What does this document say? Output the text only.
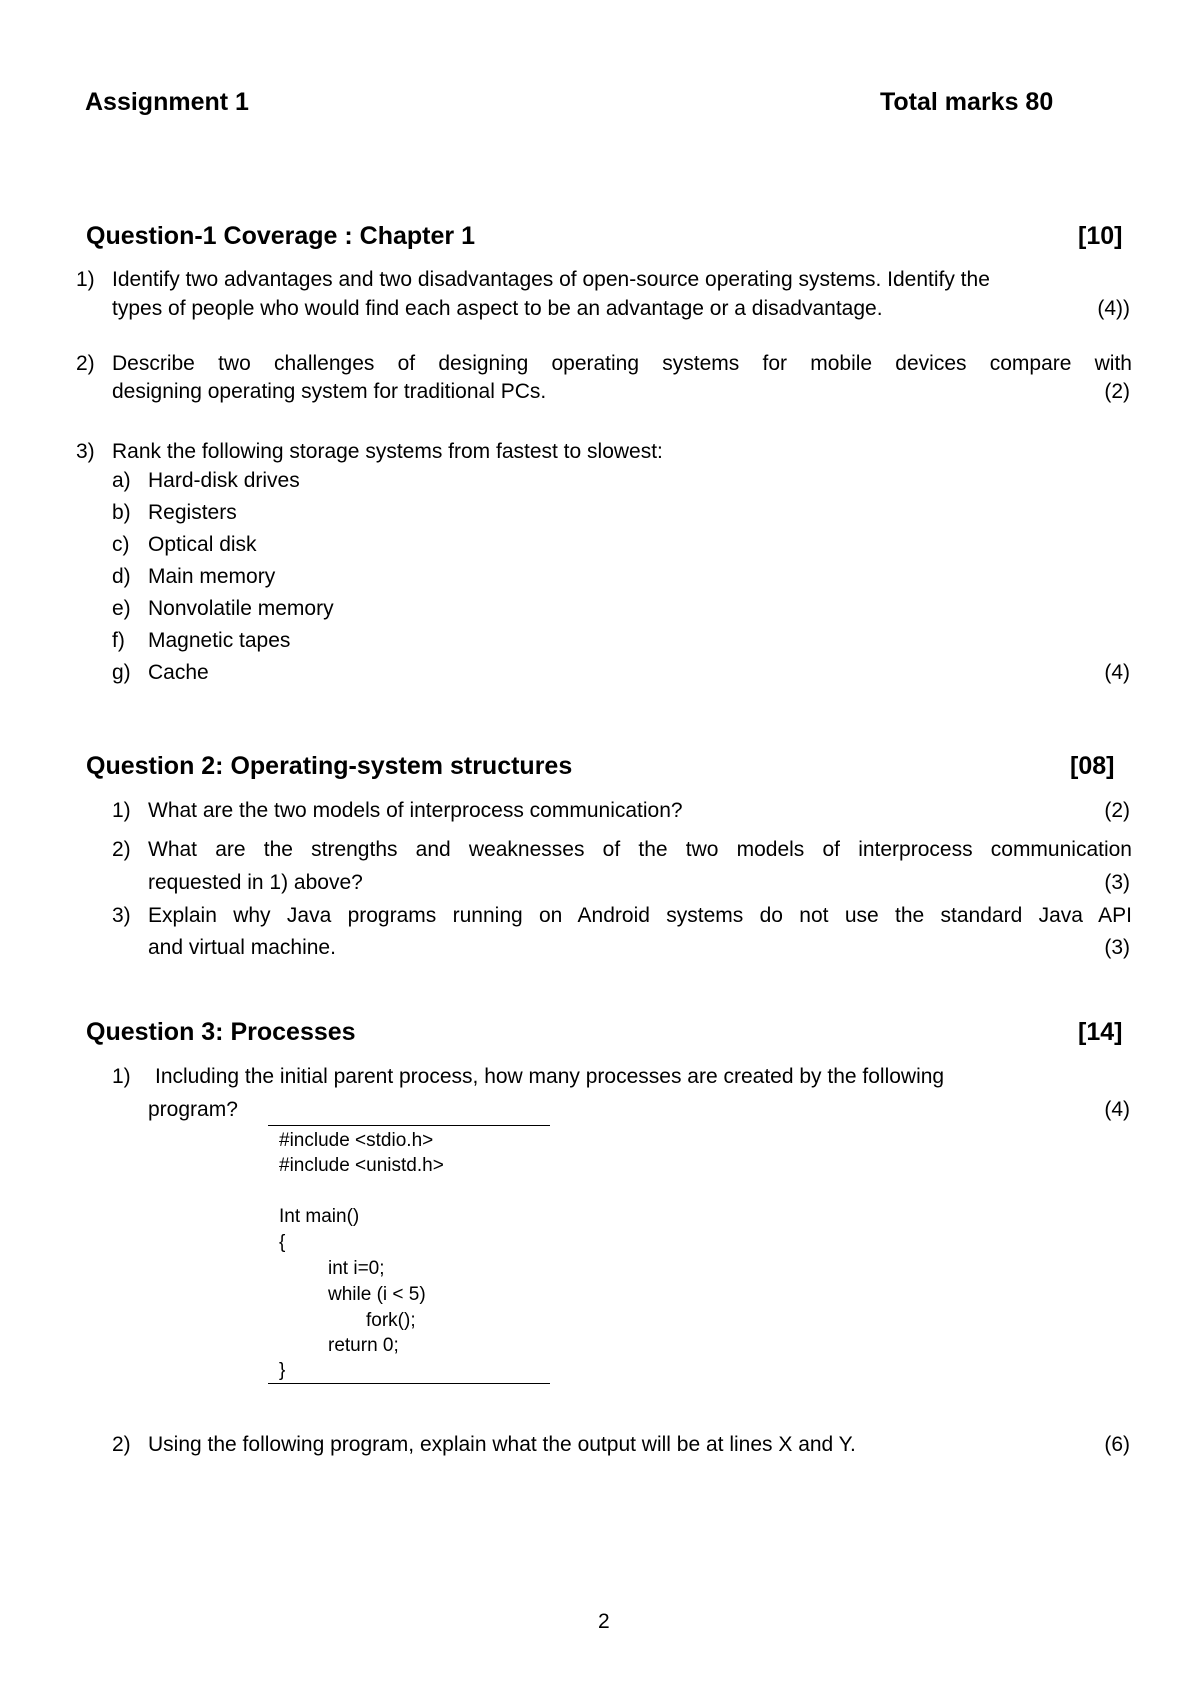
Assignment 1	Total marks 80
Question-1 Coverage : Chapter 1	[10]
1) Identify two advantages and two disadvantages of open-source operating systems. Identify the
types of people who would find each aspect to be an advantage or a disadvantage.	(4))
2) Describe two challenges of designing operating systems for mobile devices compare with
designing operating system for traditional PCs.	(2)
3) Rank the following storage systems from fastest to slowest:
a) Hard-disk drives
b) Registers
c) Optical disk
d) Main memory
e) Nonvolatile memory
f) Magnetic tapes
g) Cache	(4)
Question 2: Operating-system structures	[08]
1) What are the two models of interprocess communication?	(2)
2) What are the strengths and weaknesses of the two models of interprocess communication
requested in 1) above?	(3)
3) Explain why Java programs running on Android systems do not use the standard Java API
and virtual machine.	(3)
Question 3: Processes	[14]
1) Including the initial parent process, how many processes are created by the following
program?	(4)
#include <stdio.h>
#include <unistd.h>
Int main()
{
int i=0;
while (i < 5)
fork();
return 0;
}
2) Using the following program, explain what the output will be at lines X and Y.	(6)
2
